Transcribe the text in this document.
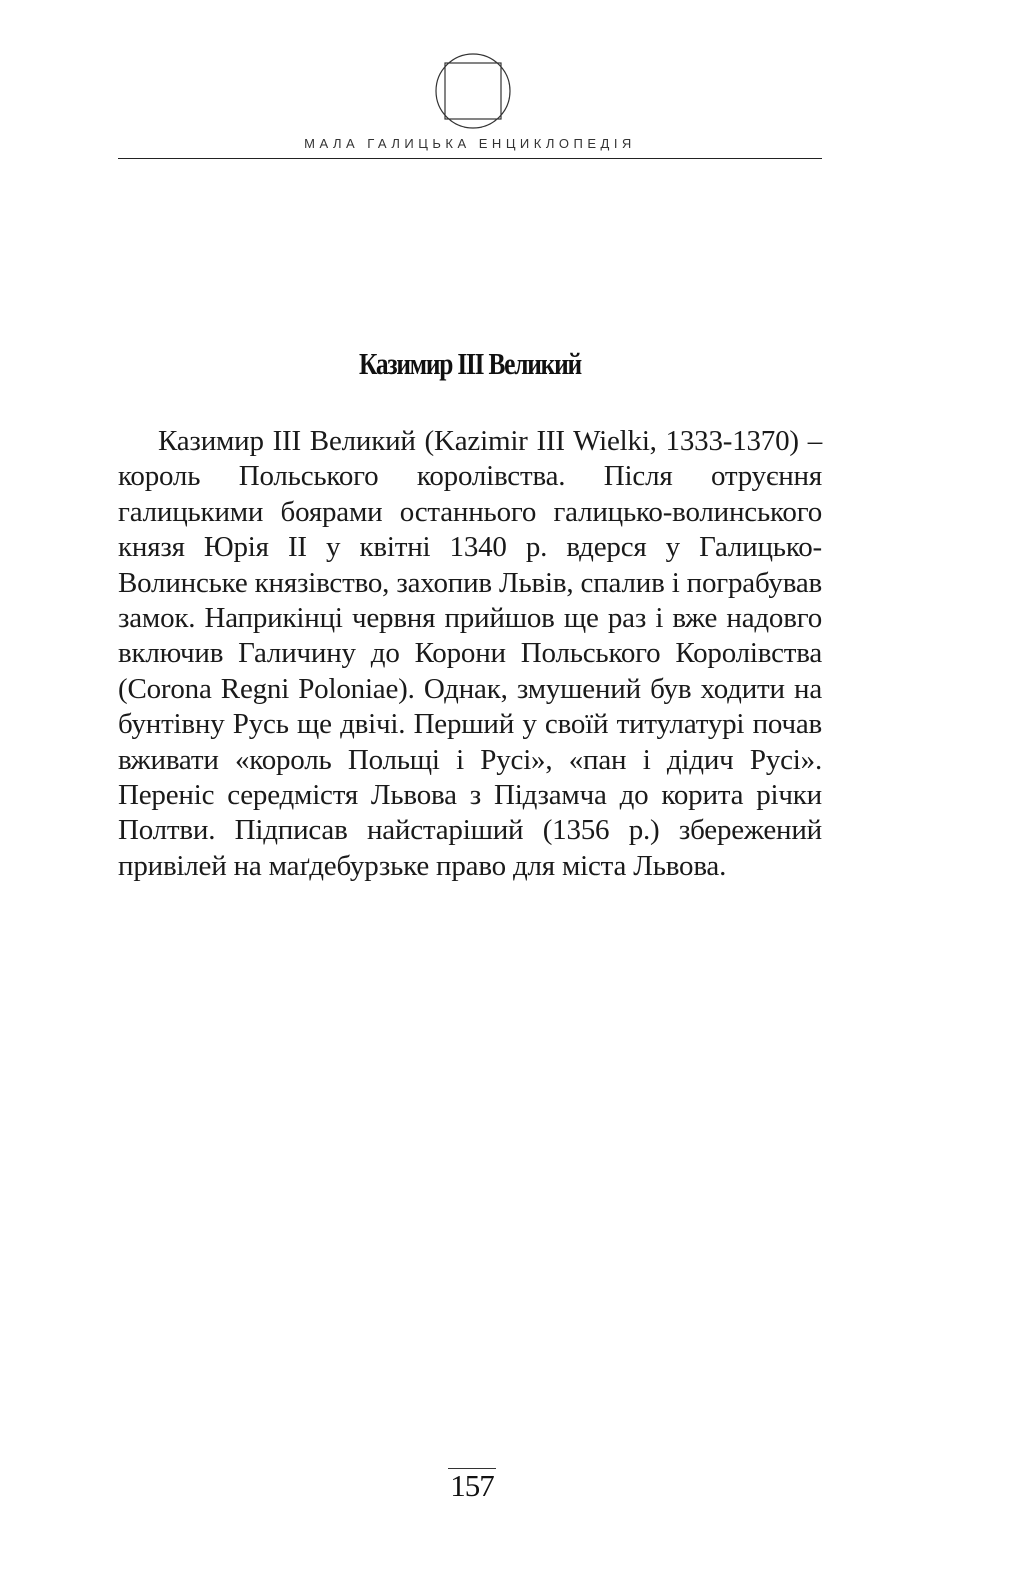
МАЛА ГАЛИЦЬКА ЕНЦИКЛОПЕДІЯ
Казимир III Великий

Казимир III Великий (Kazimir III Wielki, 1333-1370) – король Польського королівства. Після отруєння галицькими боярами останнього галицько-волинського князя Юрія II у квітні 1340 р. вдерся у Галицько-Волинське князівство, захопив Львів, спалив і пограбував замок. Наприкінці червня прийшов ще раз і вже надовго включив Галичину до Корони Польського Королівства (Corona Regni Poloniae). Однак, змушений був ходити на бунтівну Русь ще двічі. Перший у своїй титулатурі почав вживати «король Польщі і Русі», «пан і дідич Русі». Переніс середмістя Львова з Підзамча до корита річки Полтви. Підписав найстаріший (1356 р.) збережений привілей на маґдебурзьке право для міста Львова.

157
